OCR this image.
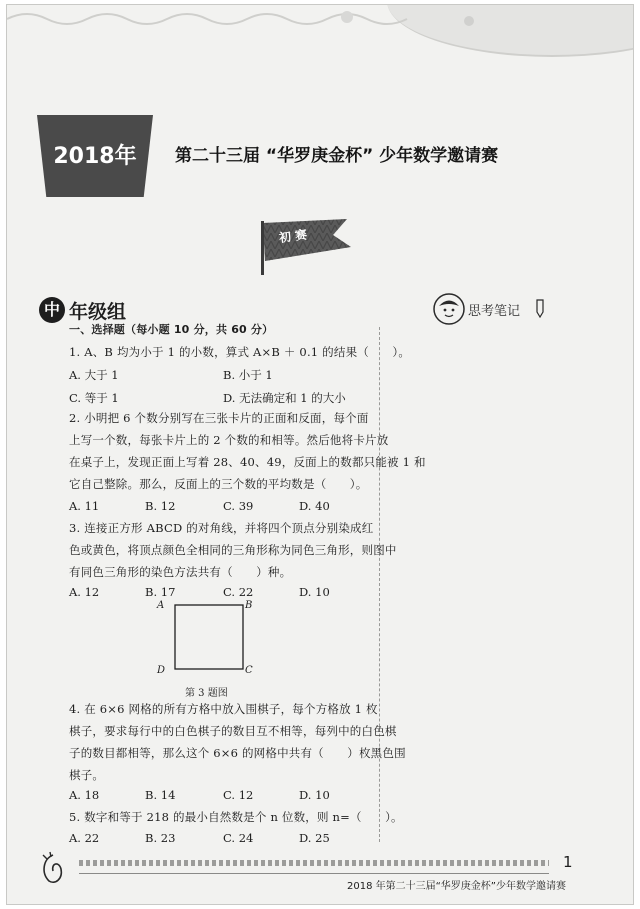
2018年	第二十三届 “华罗庚金杯” 少年数学邀请赛
初赛
中 年级组	思考笔记
一、选择题（每小题 10 分，共 60 分）
1. A、B 均为小于 1 的小数，算式 A×B ＋ 0.1 的结果（　　）。
A. 大于 1	B. 小于 1
C. 等于 1	D. 无法确定和 1 的大小
2. 小明把 6 个数分别写在三张卡片的正面和反面，每个面
上写一个数，每张卡片上的 2 个数的和相等。然后他将卡片放
在桌子上，发现正面上写着 28、40、49，反面上的数都只能被 1 和
它自己整除。那么，反面上的三个数的平均数是（　　）。
A. 11	B. 12	C. 39	D. 40
3. 连接正方形 ABCD 的对角线，并将四个顶点分别染成红
色或黄色，将顶点颜色全相同的三角形称为同色三角形，则图中
有同色三角形的染色方法共有（　　）种。
A. 12	B. 17	C. 22	D. 10
A	B
C
D
第 3 题图
4. 在 6×6 网格的所有方格中放入围棋子，每个方格放 1 枚
棋子，要求每行中的白色棋子的数目互不相等，每列中的白色棋
子的数目都相等，那么这个 6×6 的网格中共有（　　）枚黑色围
棋子。
A. 18	B. 14	C. 12	D. 10
5. 数字和等于 218 的最小自然数是个 n 位数，则 n=（　　）。
A. 22	B. 23	C. 24	D. 25
1
2018 年第二十三届“华罗庚金杯”少年数学邀请赛
